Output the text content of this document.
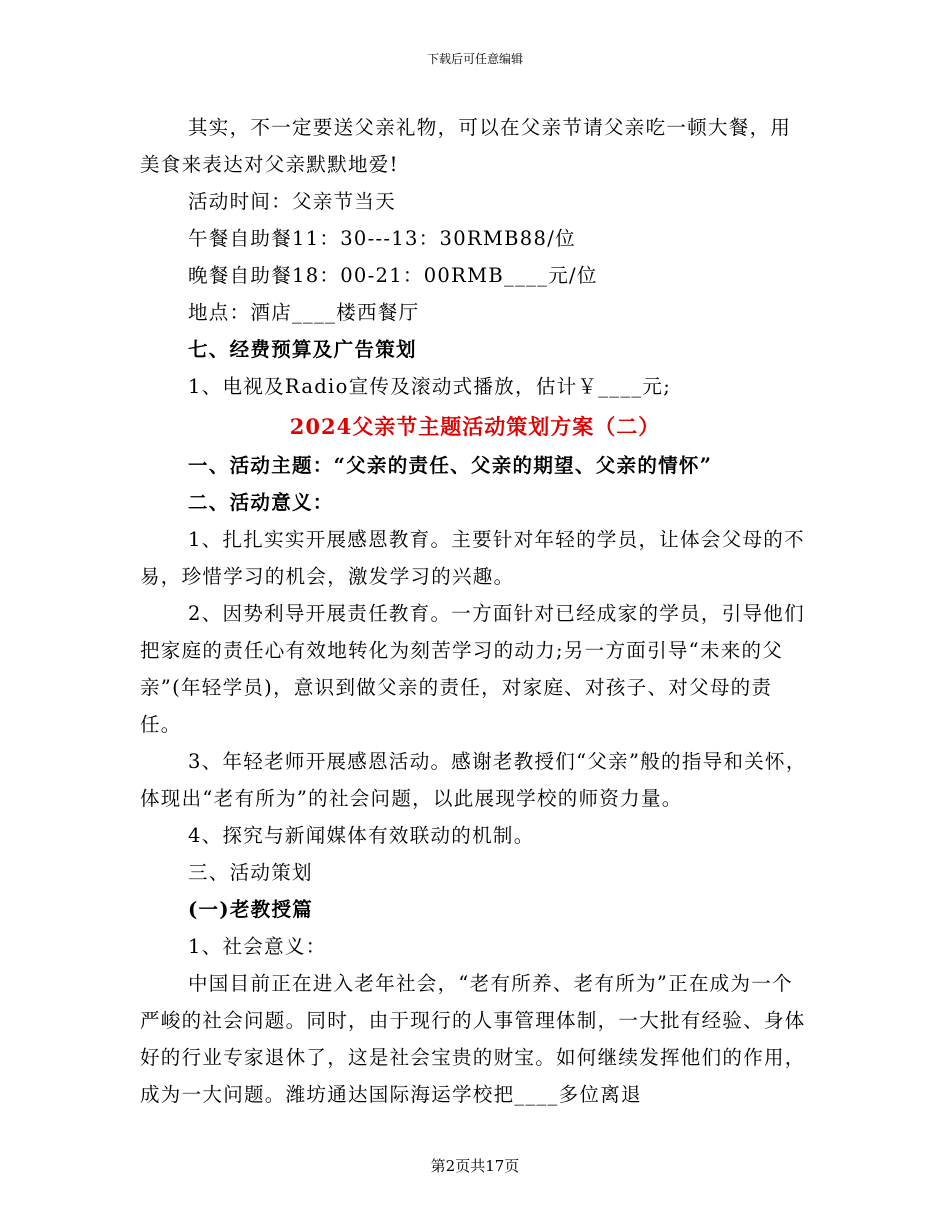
下载后可任意编辑

其实，不一定要送父亲礼物，可以在父亲节请父亲吃一顿大餐，用美食来表达对父亲默默地爱!

活动时间：父亲节当天

午餐自助餐11：30---13：30RMB88/位

晚餐自助餐18：00-21：00RMB____元/位

地点：酒店____楼西餐厅

七、经费预算及广告策划

1、电视及Radio宣传及滚动式播放，估计￥____元;

2024父亲节主题活动策划方案（二）

一、活动主题：“父亲的责任、父亲的期望、父亲的情怀”

二、活动意义：

1、扎扎实实开展感恩教育。主要针对年轻的学员，让体会父母的不易，珍惜学习的机会，激发学习的兴趣。

2、因势利导开展责任教育。一方面针对已经成家的学员，引导他们把家庭的责任心有效地转化为刻苦学习的动力;另一方面引导“未来的父亲”(年轻学员)，意识到做父亲的责任，对家庭、对孩子、对父母的责任。

3、年轻老师开展感恩活动。感谢老教授们“父亲”般的指导和关怀，体现出“老有所为”的社会问题，以此展现学校的师资力量。

4、探究与新闻媒体有效联动的机制。

三、活动策划

(一)老教授篇

1、社会意义：

中国目前正在进入老年社会，“老有所养、老有所为”正在成为一个严峻的社会问题。同时，由于现行的人事管理体制，一大批有经验、身体好的行业专家退休了，这是社会宝贵的财宝。如何继续发挥他们的作用，成为一大问题。潍坊通达国际海运学校把____多位离退

第2页共17页
